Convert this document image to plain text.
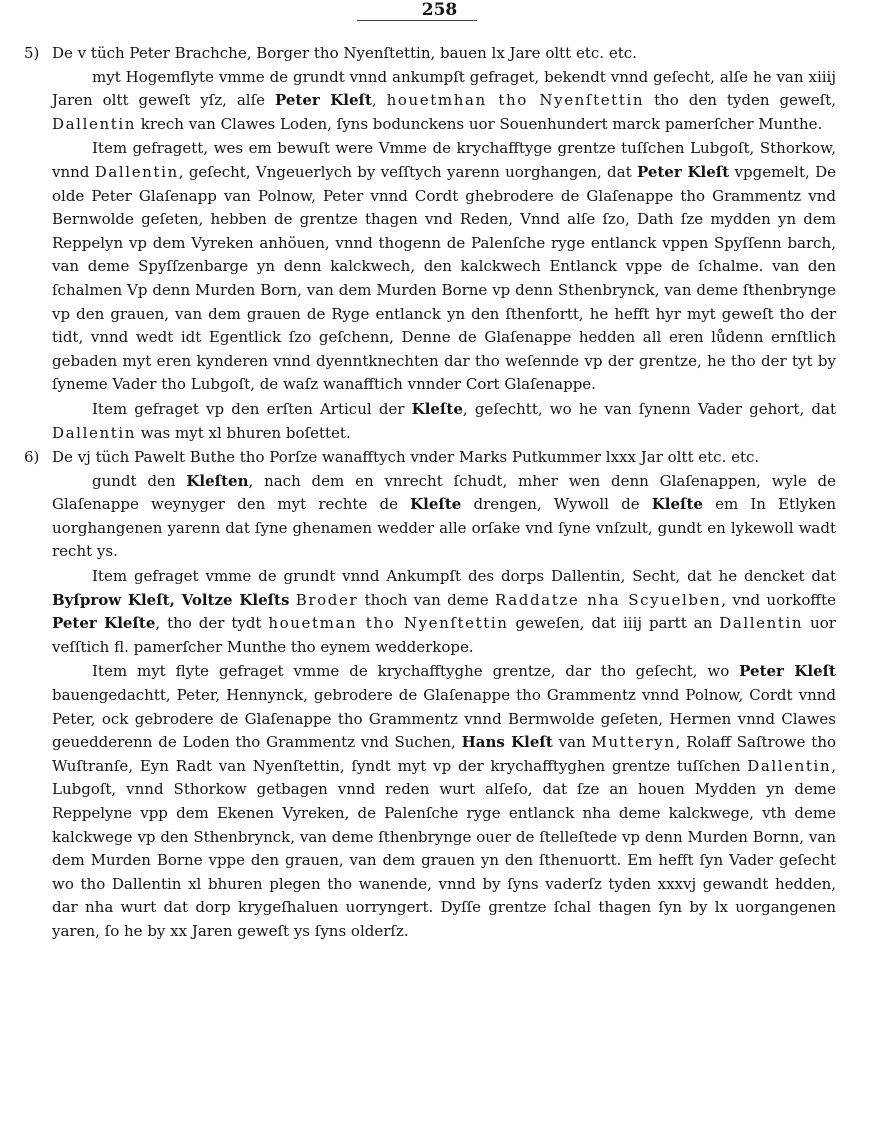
258
5) De v tüch Peter Brachche, Borger tho Nyenſtettin, bauen lx Jare oltt etc. etc.

myt Hogemflyte vmme de grundt vnnd ankumpſt gefraget, bekendt vnnd geſecht, alſe he van xiiij Jaren oltt geweſt yſz, alſe Peter Kleſt, houetmhan tho Nyenſtettin tho den tyden geweſt, Dallentin krech van Clawes Loden, ſyns bodunckens uor Souenhundert marck pamerſcher Munthe.

Item gefragett, wes em bewuſt were Vmme de krychafftyge grentze tuſſchen Lubgoſt, Sthorkow, vnnd Dallentin, geſecht, Vngeuerlych by veſſtych yarenn uorghangen, dat Peter Kleſt vpgemelt, De olde Peter Glaſenapp van Polnow, Peter vnnd Cordt ghebrodere de Glaſenappe tho Grammentz vnd Bernwolde geſeten, hebben de grentze thagen vnd Reden, Vnnd alſe ſzo, Dath ſze mydden yn dem Reppelyn vp dem Vyreken anhöuen, vnnd thogenn de Palenſche ryge entlanck vppen Spyſſenn barch, van deme Spyſſzenbarge yn denn kalckwech, den kalckwech Entlanck vppe de ſchalme. van den ſchalmen Vp denn Murden Born, van dem Murden Borne vp denn Sthenbrynck, van deme ſthenbrynge vp den grauen, van dem grauen de Ryge entlanck yn den ſthenfortt, he hefft hyr myt geweſt tho der tidt, vnnd wedt idt Egentlick ſzo geſchenn, Denne de Glaſenappe hedden all eren lůdenn ernſtlich gebaden myt eren kynderen vnnd dyenntknechten dar tho weſennde vp der grentze, he tho der tyt by ſyneme Vader tho Lubgoſt, de waſz wanafftich vnnder Cort Glaſenappe.

Item gefraget vp den erſten Articul der Kleſte, geſechtt, wo he van ſynenn Vader gehort, dat Dallentin was myt xl bhuren boſettet.

6) De vj tüch Pawelt Buthe tho Porſze wanafftych vnder Marks Putkummer lxxx Jar oltt etc. etc.

gundt den Kleſten, nach dem en vnrecht ſchudt, mher wen denn Glaſenappen, wyle de Glaſenappe weynyger den myt rechte de Kleſte drengen, Wywoll de Kleſte em In Etlyken uorghangenen yarenn dat ſyne ghenamen wedder alle orſake vnd ſyne vnſzult, gundt en lykewoll wadt recht ys.

Item gefraget vmme de grundt vnnd Ankumpſt des dorps Dallentin, Secht, dat he dencket dat Byſprow Kleſt, Voltze Kleſts Broder thoch van deme Raddatze nha Scyuelben, vnd uorkoffte Peter Kleſte, tho der tydt houetman tho Nyenſtettin geweſen, dat iiij partt an Dallentin uor veſſtich fl. pamerſcher Munthe tho eynem wedderkope.

Item myt flyte gefraget vmme de krychafftyghe grentze, dar tho geſecht, wo Peter Kleſt bauengedachtt, Peter, Hennynck, gebrodere de Glaſenappe tho Grammentz vnnd Polnow, Cordt vnnd Peter, ock gebrodere de Glaſenappe tho Grammentz vnnd Bermwolde geſeten, Hermen vnnd Clawes geuedderenn de Loden tho Grammentz vnd Suchen, Hans Kleſt van Mutteryn, Rolaff Saſtrowe tho Wuſtranſe, Eyn Radt van Nyenſtettin, ſyndt myt vp der krychafftyghen grentze tuſſchen Dallentin, Lubgoſt, vnnd Sthorkow getbagen vnnd reden wurt alſeſo, dat ſze an houen Mydden yn deme Reppelyne vpp dem Ekenen Vyreken, de Palenſche ryge entlanck nha deme kalckwege, vth deme kalckwege vp den Sthenbrynck, van deme ſthenbrynge ouer de ſtelleſtede vp denn Murden Bornn, van dem Murden Borne vppe den grauen, van dem grauen yn den ſthenuortt. Em hefft ſyn Vader geſecht wo tho Dallentin xl bhuren plegen tho wanende, vnnd by ſyns vaderſz tyden xxxvj gewandt hedden, dar nha wurt dat dorp krygeſhaluen uorryngert. Dyſſe grentze ſchal thagen ſyn by lx uorgangenen yaren, ſo he by xx Jaren geweſt ys ſyns olderſz.
